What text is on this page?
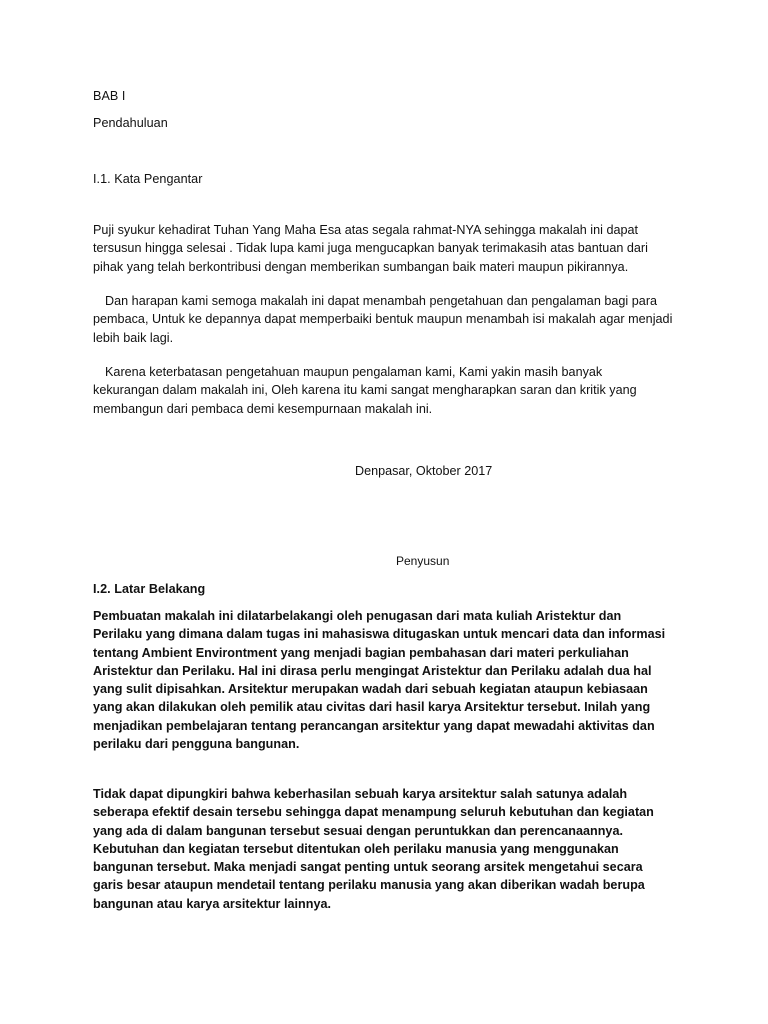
BAB I
Pendahuluan
I.1. Kata Pengantar
Puji syukur kehadirat Tuhan Yang Maha Esa atas segala rahmat-NYA sehingga makalah ini dapat tersusun hingga selesai . Tidak lupa kami juga mengucapkan banyak terimakasih atas bantuan dari pihak yang telah berkontribusi dengan memberikan sumbangan baik materi maupun pikirannya.
Dan harapan kami semoga makalah ini dapat menambah pengetahuan dan pengalaman bagi para pembaca, Untuk ke depannya dapat memperbaiki bentuk maupun menambah isi makalah agar menjadi lebih baik lagi.
Karena keterbatasan pengetahuan maupun pengalaman kami, Kami yakin masih banyak kekurangan dalam makalah ini, Oleh karena itu kami sangat mengharapkan saran dan kritik yang membangun dari pembaca demi kesempurnaan makalah ini.
Denpasar, Oktober 2017
Penyusun
I.2. Latar Belakang
Pembuatan makalah ini dilatarbelakangi oleh penugasan dari mata kuliah Aristektur dan Perilaku yang dimana dalam tugas ini mahasiswa ditugaskan untuk mencari data dan informasi tentang Ambient Environtment yang menjadi bagian pembahasan dari materi perkuliahan Aristektur dan Perilaku. Hal ini dirasa perlu mengingat Aristektur dan Perilaku adalah dua hal yang sulit dipisahkan. Arsitektur merupakan wadah dari sebuah kegiatan ataupun kebiasaan yang akan dilakukan oleh pemilik atau civitas dari hasil karya Arsitektur tersebut. Inilah yang menjadikan pembelajaran tentang perancangan arsitektur yang dapat mewadahi aktivitas dan perilaku dari pengguna bangunan.
Tidak dapat dipungkiri bahwa keberhasilan sebuah karya arsitektur salah satunya adalah seberapa efektif desain tersebu sehingga dapat menampung seluruh kebutuhan dan kegiatan yang ada di dalam bangunan tersebut sesuai dengan peruntukkan dan perencanaannya. Kebutuhan dan kegiatan tersebut ditentukan oleh perilaku manusia yang menggunakan bangunan tersebut. Maka menjadi sangat penting untuk seorang arsitek mengetahui secara garis besar ataupun mendetail tentang perilaku manusia yang akan diberikan wadah berupa bangunan atau karya arsitektur lainnya.
